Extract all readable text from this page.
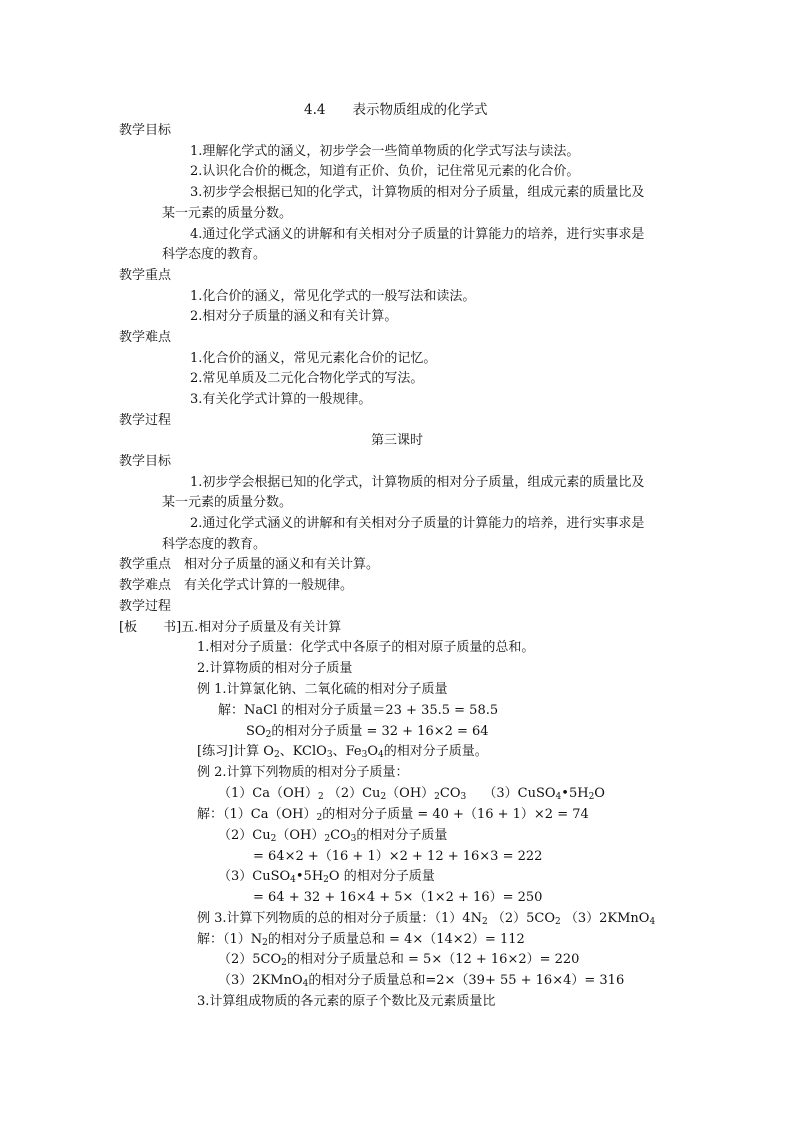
4.4　　表示物质组成的化学式
教学目标
1.理解化学式的涵义，初步学会一些简单物质的化学式写法与读法。
2.认识化合价的概念，知道有正价、负价，记住常见元素的化合价。
3.初步学会根据已知的化学式，计算物质的相对分子质量，组成元素的质量比及
某一元素的质量分数。
4.通过化学式涵义的讲解和有关相对分子质量的计算能力的培养，进行实事求是
科学态度的教育。
教学重点
1.化合价的涵义，常见化学式的一般写法和读法。
2.相对分子质量的涵义和有关计算。
教学难点
1.化合价的涵义，常见元素化合价的记忆。
2.常见单质及二元化合物化学式的写法。
3.有关化学式计算的一般规律。
教学过程
第三课时
教学目标
1.初步学会根据已知的化学式，计算物质的相对分子质量，组成元素的质量比及
某一元素的质量分数。
2.通过化学式涵义的讲解和有关相对分子质量的计算能力的培养，进行实事求是
科学态度的教育。
教学重点　相对分子质量的涵义和有关计算。
教学难点　有关化学式计算的一般规律。
教学过程
[板　　书]五.相对分子质量及有关计算
1.相对分子质量：化学式中各原子的相对原子质量的总和。
2.计算物质的相对分子质量
例 1.计算氯化钠、二氧化硫的相对分子质量
解：NaCl 的相对分子质量＝23 + 35.5 = 58.5
$SO_2$的相对分子质量 = 32 + 16×2 = 64
[练习]计算 $O_2$、KClO$_3$、$Fe_3O_4$的相对分子质量。
例 2.计算下列物质的相对分子质量：
$(1)Ca(OH)_2$ $(2)Cu_2(OH)_2CO_3$　 $(3)CuSO_4•5H_2O$
解：$(1)Ca(OH)_2$的相对分子质量 = 40 +（16 + 1）×2 = 74
$(2)Cu_2(OH)_2CO_3$的相对分子质量
= 64×2 +（16 + 1）×2 + 12 + 16×3 = 222
$(3)CuSO_4•5H_2O$ 的相对分子质量
= 64 + 32 + 16×4 + 5×（1×2 + 16）= 250
例 3.计算下列物质的总的相对分子质量：$(1)4N_2$ $(2)5CO_2$ （3）2KMnO$_4$
解：$(1)N_2$的相对分子质量总和 = 4×（14×2）= 112
$(2)5CO_2$的相对分子质量总和 = 5×（12 + 16×2）= 220
（3）2KMnO$_4$的相对分子质量总和=2×（39+ 55 + 16×4）= 316
3.计算组成物质的各元素的原子个数比及元素质量比
